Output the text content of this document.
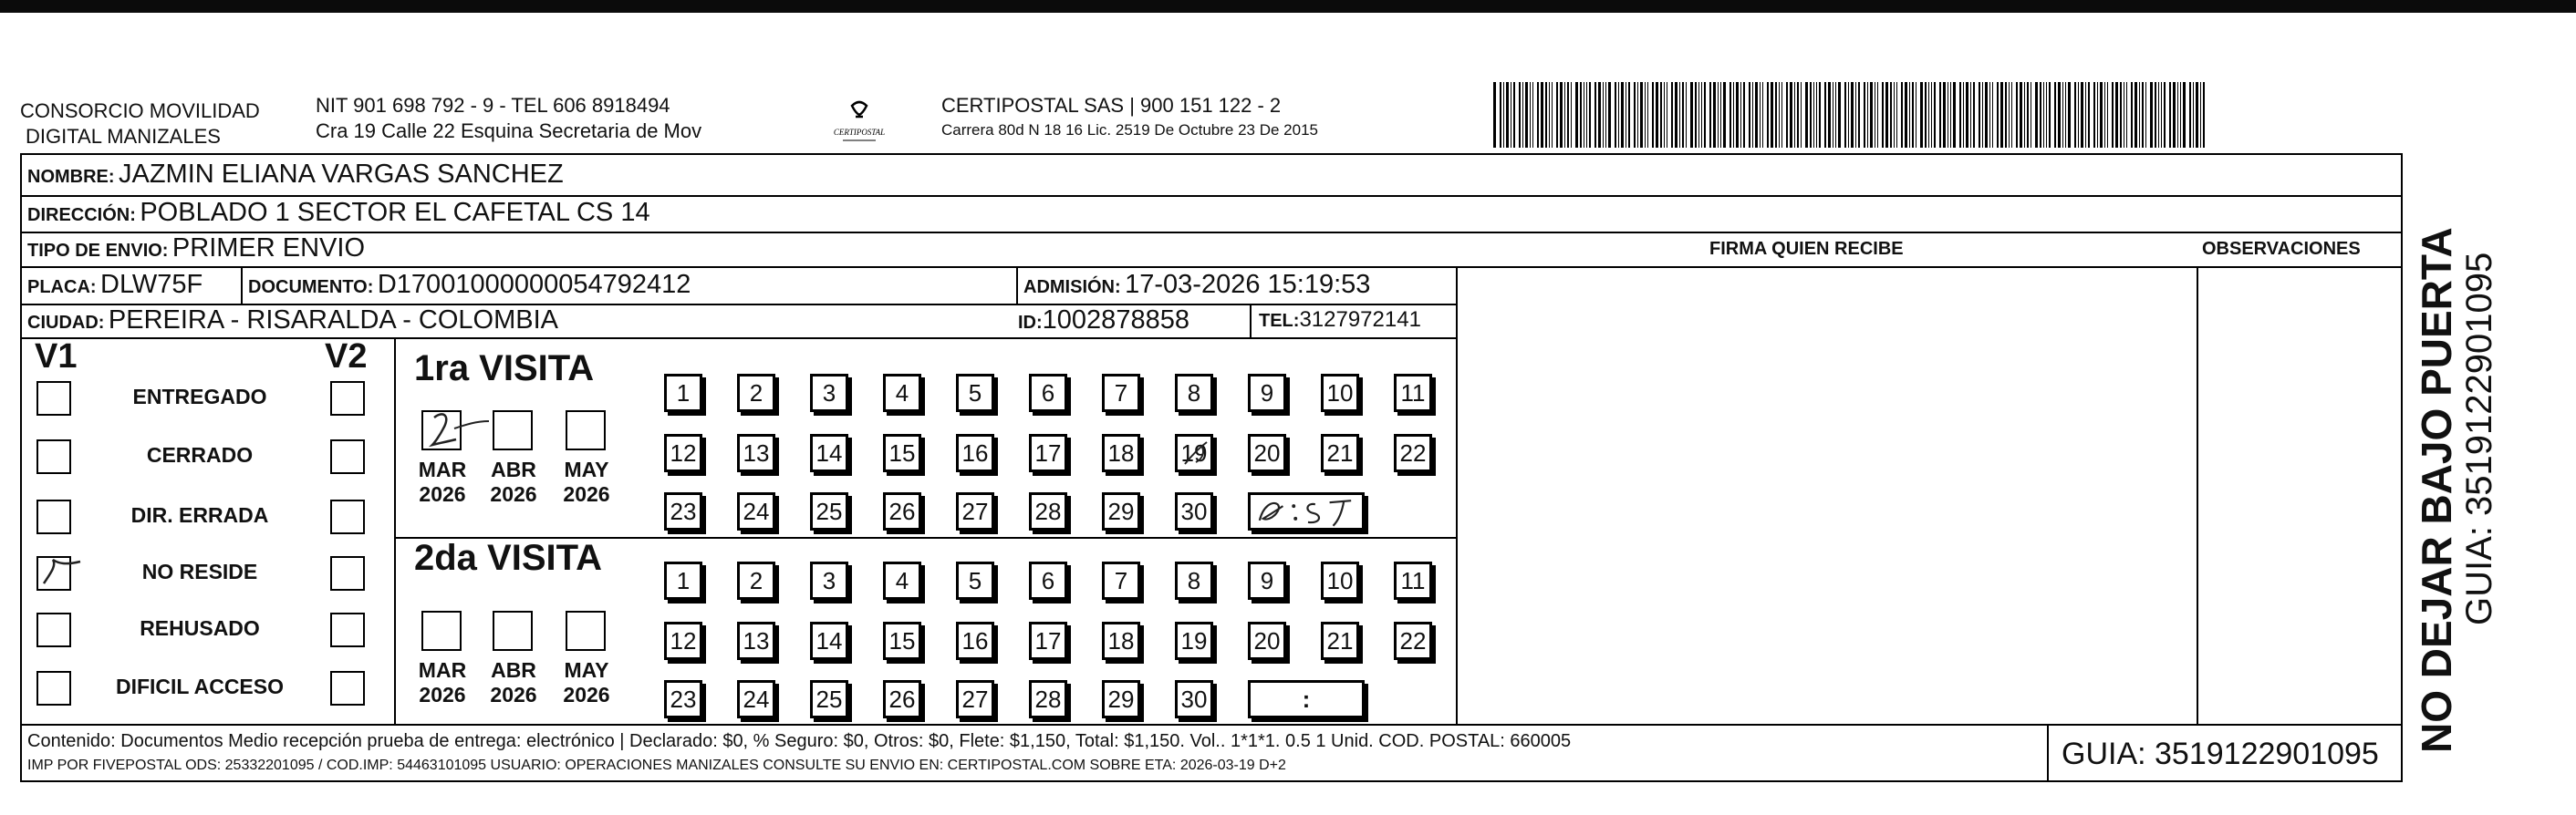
CONSORCIO MOVILIDAD
DIGITAL MANIZALES
NIT 901 698 792 - 9 - TEL 606 8918494
Cra 19 Calle 22 Esquina Secretaria de Mov	CERTIPOSTAL
CERTIPOSTAL SAS | 900 151 122 - 2
Carrera 80d N 18 16 Lic. 2519 De Octubre 23 De 2015
NOMBRE: JAZMIN ELIANA VARGAS SANCHEZ
DIRECCIÓN: POBLADO 1 SECTOR EL CAFETAL CS 14
TIPO DE ENVIO: PRIMER ENVIO	FIRMA QUIEN RECIBE	OBSERVACIONES
PLACA: DLW75F DOCUMENTO: D17001000000054792412	ADMISIÓN: 17-03-2026 15:19:53
CIUDAD: PEREIRA - RISARALDA - COLOMBIA	ID:1002878858	TEL:3127972141
V1	V2
ENTREGADO
CERRADO
DIR. ERRADA
NO RESIDE
REHUSADO
DIFICIL ACCESO
1ra VISITA
2da VISITA
MAR
2026
ABR
2026
MAY
2026
MAR
2026
ABR
2026
MAY
2026
1	2	3	4	5	6	7	8	9	10 11
12 13 14 15 16 17 18 19 20 21 22
23 24 25 26 27 28 29 30
1	2	3	4	5	6	7	8	9	10 11
12 13 14 15 16 17 18 19 20 21 22
23 24 25 26 27 28 29 30	:
Contenido: Documentos Medio recepción prueba de entrega: electrónico | Declarado: $0, % Seguro: $0, Otros: $0, Flete: $1,150, Total: $1,150. Vol.. 1*1*1. 0.5 1 Unid. COD. POSTAL: 660005
IMP POR FIVEPOSTAL ODS: 25332201095 / COD.IMP: 54463101095 USUARIO: OPERACIONES MANIZALES CONSULTE SU ENVIO EN: CERTIPOSTAL.COM SOBRE ETA: 2026-03-19 D+2	GUIA: 3519122901095
NO DEJAR BAJO PUERTA GUIA: 3519122901095
